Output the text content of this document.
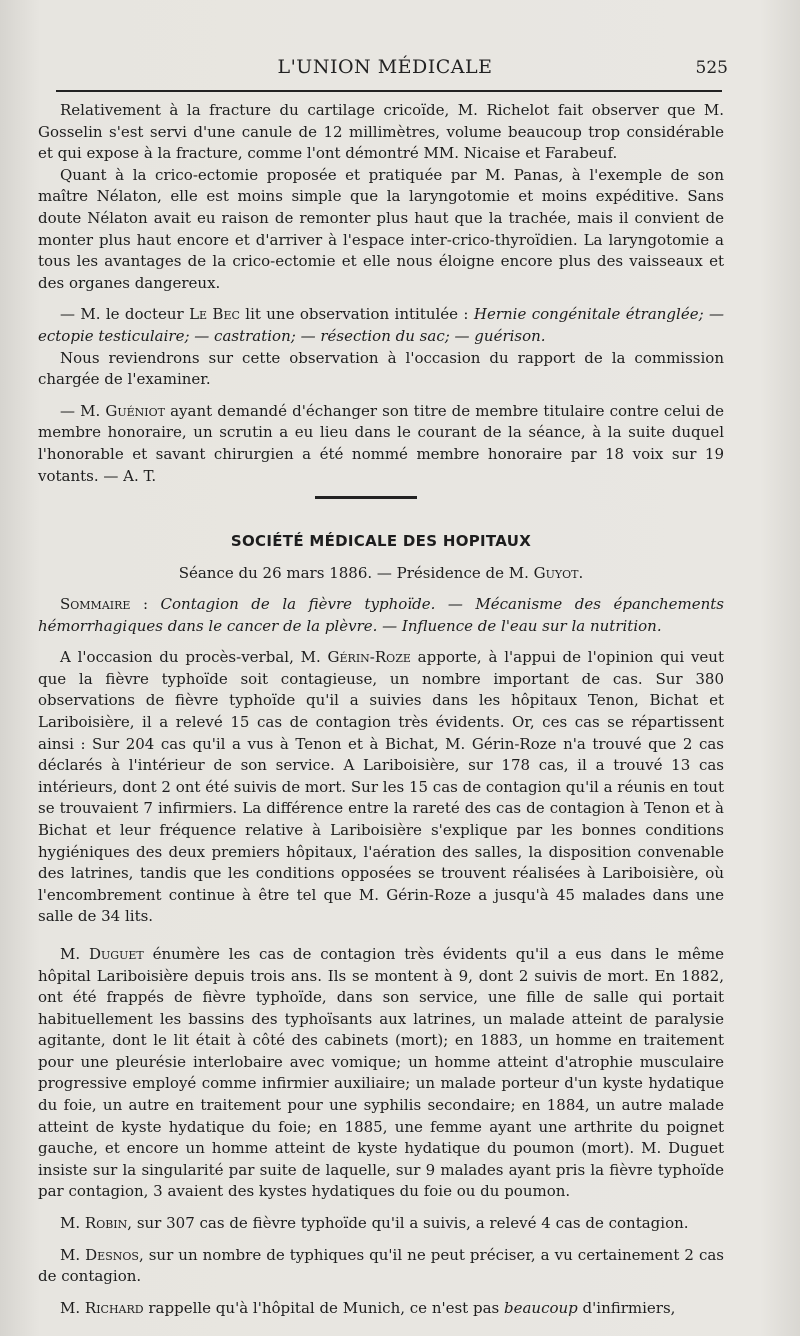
L'UNION MÉDICALE	525

Relativement à la fracture du cartilage cricoïde, M. Richelot fait observer que M. Gosselin s'est servi d'une canule de 12 millimètres, volume beaucoup trop considérable et qui expose à la fracture, comme l'ont démontré MM. Nicaise et Farabeuf.

Quant à la crico-ectomie proposée et pratiquée par M. Panas, à l'exemple de son maître Nélaton, elle est moins simple que la laryngotomie et moins expéditive. Sans doute Nélaton avait eu raison de remonter plus haut que la trachée, mais il convient de monter plus haut encore et d'arriver à l'espace inter-crico-thyroïdien. La laryngotomie a tous les avantages de la crico-ectomie et elle nous éloigne encore plus des vaisseaux et des organes dangereux.

— M. le docteur Le Bec lit une observation intitulée : Hernie congénitale étranglée; — ectopie testiculaire; — castration; — résection du sac; — guérison.

Nous reviendrons sur cette observation à l'occasion du rapport de la commission chargée de l'examiner.

— M. Guéniot ayant demandé d'échanger son titre de membre titulaire contre celui de membre honoraire, un scrutin a eu lieu dans le courant de la séance, à la suite duquel l'honorable et savant chirurgien a été nommé membre honoraire par 18 voix sur 19 votants. — A. T.

SOCIÉTÉ MÉDICALE DES HOPITAUX
Séance du 26 mars 1886. — Présidence de M. Guyot.

Sommaire : Contagion de la fièvre typhoïde. — Mécanisme des épanchements hémorrhagiques dans le cancer de la plèvre. — Influence de l'eau sur la nutrition.

A l'occasion du procès-verbal, M. Gérin-Roze apporte, à l'appui de l'opinion qui veut que la fièvre typhoïde soit contagieuse, un nombre important de cas. Sur 380 observations de fièvre typhoïde qu'il a suivies dans les hôpitaux Tenon, Bichat et Lariboisière, il a relevé 15 cas de contagion très évidents. Or, ces cas se répartissent ainsi : Sur 204 cas qu'il a vus à Tenon et à Bichat, M. Gérin-Roze n'a trouvé que 2 cas déclarés à l'intérieur de son service. A Lariboisière, sur 178 cas, il a trouvé 13 cas intérieurs, dont 2 ont été suivis de mort. Sur les 15 cas de contagion qu'il a réunis en tout se trouvaient 7 infirmiers. La différence entre la rareté des cas de contagion à Tenon et à Bichat et leur fréquence relative à Lariboisière s'explique par les bonnes conditions hygiéniques des deux premiers hôpitaux, l'aération des salles, la disposition convenable des latrines, tandis que les conditions opposées se trouvent réalisées à Lariboisière, où l'encombrement continue à être tel que M. Gérin-Roze a jusqu'à 45 malades dans une salle de 34 lits.

M. Duguet énumère les cas de contagion très évidents qu'il a eus dans le même hôpital Lariboisière depuis trois ans. Ils se montent à 9, dont 2 suivis de mort. En 1882, ont été frappés de fièvre typhoïde, dans son service, une fille de salle qui portait habituellement les bassins des typhoïsants aux latrines, un malade atteint de paralysie agitante, dont le lit était à côté des cabinets (mort); en 1883, un homme en traitement pour une pleurésie interlobaire avec vomique; un homme atteint d'atrophie musculaire progressive employé comme infirmier auxiliaire; un malade porteur d'un kyste hydatique du foie, un autre en traitement pour une syphilis secondaire; en 1884, un autre malade atteint de kyste hydatique du foie; en 1885, une femme ayant une arthrite du poignet gauche, et encore un homme atteint de kyste hydatique du poumon (mort). M. Duguet insiste sur la singularité par suite de laquelle, sur 9 malades ayant pris la fièvre typhoïde par contagion, 3 avaient des kystes hydatiques du foie ou du poumon.

M. Robin, sur 307 cas de fièvre typhoïde qu'il a suivis, a relevé 4 cas de contagion.

M. Desnos, sur un nombre de typhiques qu'il ne peut préciser, a vu certainement 2 cas de contagion.

M. Richard rappelle qu'à l'hôpital de Munich, ce n'est pas beaucoup d'infirmiers,
